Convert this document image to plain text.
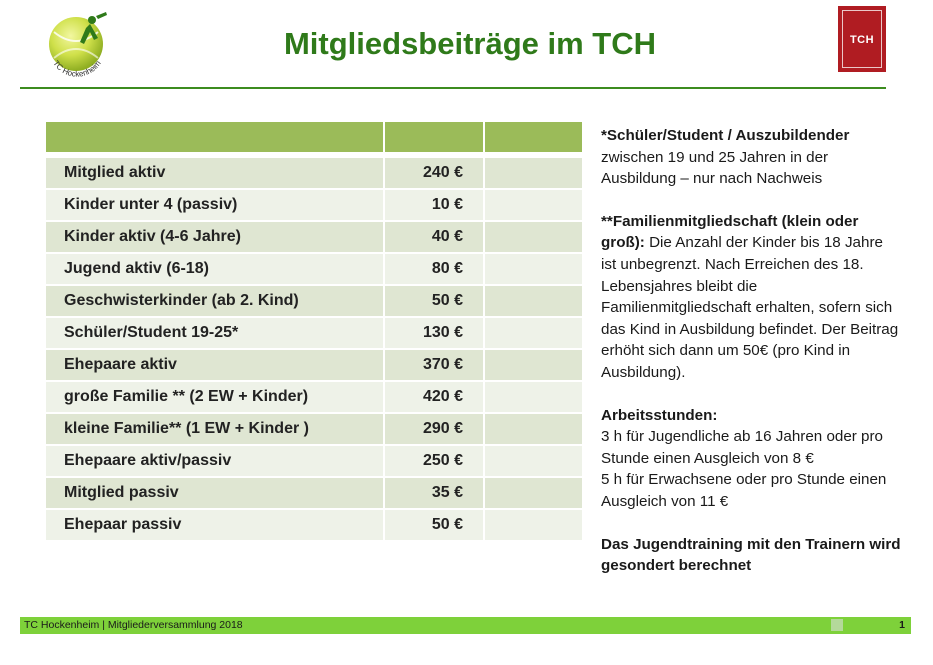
TC Hockenheim
TCH
Mitgliedsbeiträge im TCH

Mitglied aktiv	240 €	
Kinder unter 4 (passiv)	10 €	
Kinder aktiv (4-6 Jahre)	40 €	
Jugend aktiv (6-18)	80 €	
Geschwisterkinder (ab 2. Kind)	50 €	
Schüler/Student 19-25*	130 €	
Ehepaare aktiv	370 €	
große Familie ** (2 EW + Kinder)	420 €	
kleine Familie** (1 EW + Kinder )	290 €	
Ehepaare aktiv/passiv	250 €	
Mitglied passiv	35 €	
Ehepaar passiv	50 €	

*Schüler/Student / Auszubildender
zwischen 19 und 25 Jahren in der Ausbildung – nur nach Nachweis

**Familienmitgliedschaft (klein oder groß): Die Anzahl der Kinder bis 18 Jahre ist unbegrenzt. Nach Erreichen des 18. Lebensjahres bleibt die Familienmitgliedschaft erhalten, sofern sich das Kind in Ausbildung befindet. Der Beitrag erhöht sich dann um 50€ (pro Kind in Ausbildung).

Arbeitsstunden:
3 h für Jugendliche ab 16 Jahren oder pro Stunde einen Ausgleich von 8 €
5 h für Erwachsene oder pro Stunde einen Ausgleich von 11 €

Das Jugendtraining mit den Trainern wird gesondert berechnet

TC Hockenheim | Mitgliederversammlung 2018	1
